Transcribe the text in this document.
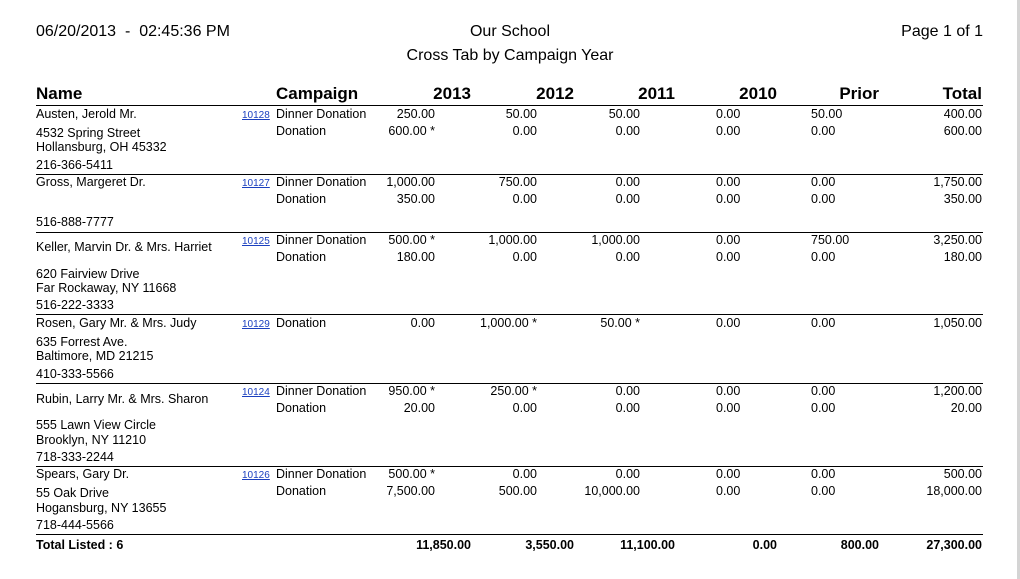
06/20/2013  -  02:45:36 PM	Our School
Cross Tab by Campaign Year
Page 1 of 1
Name	Campaign	2013	2012	2011	2010	Prior	Total
Austen, Jerold Mr.
4532 Spring Street
Hollansburg, OH 45332
216-366-5411
10128 Dinner Donation 250.00	50.00	50.00	0.00	50.00	400.00
Donation	600.00 *	0.00	0.00	0.00	0.00	600.00
Gross, Margeret Dr.
516-888-7777
10127 Dinner Donation 1,000.00	750.00	0.00	0.00	0.00	1,750.00
Donation	350.00	0.00	0.00	0.00	0.00	350.00
Keller, Marvin Dr. & Mrs. Harriet
620 Fairview Drive
Far Rockaway, NY 11668
516-222-3333
10125 Dinner Donation 500.00 *	1,000.00	1,000.00	0.00	750.00	3,250.00
Donation	180.00	0.00	0.00	0.00	0.00	180.00
Rosen, Gary Mr. & Mrs. Judy
635 Forrest Ave.
Baltimore, MD 21215
410-333-5566
10129 Donation	0.00	1,000.00 *	50.00 *	0.00	0.00	1,050.00
Rubin, Larry Mr. & Mrs. Sharon
555 Lawn View Circle
Brooklyn, NY 11210
718-333-2244
10124 Dinner Donation 950.00 *	250.00 *	0.00	0.00	0.00	1,200.00
Donation	20.00	0.00	0.00	0.00	0.00	20.00
Spears, Gary Dr.
55 Oak Drive
Hogansburg, NY 13655
718-444-5566
10126 Dinner Donation 500.00 *	0.00	0.00	0.00	0.00	500.00
Donation	7,500.00	500.00	10,000.00	0.00	0.00	18,000.00
Total Listed : 6	11,850.00	3,550.00	11,100.00	0.00	800.00	27,300.00
